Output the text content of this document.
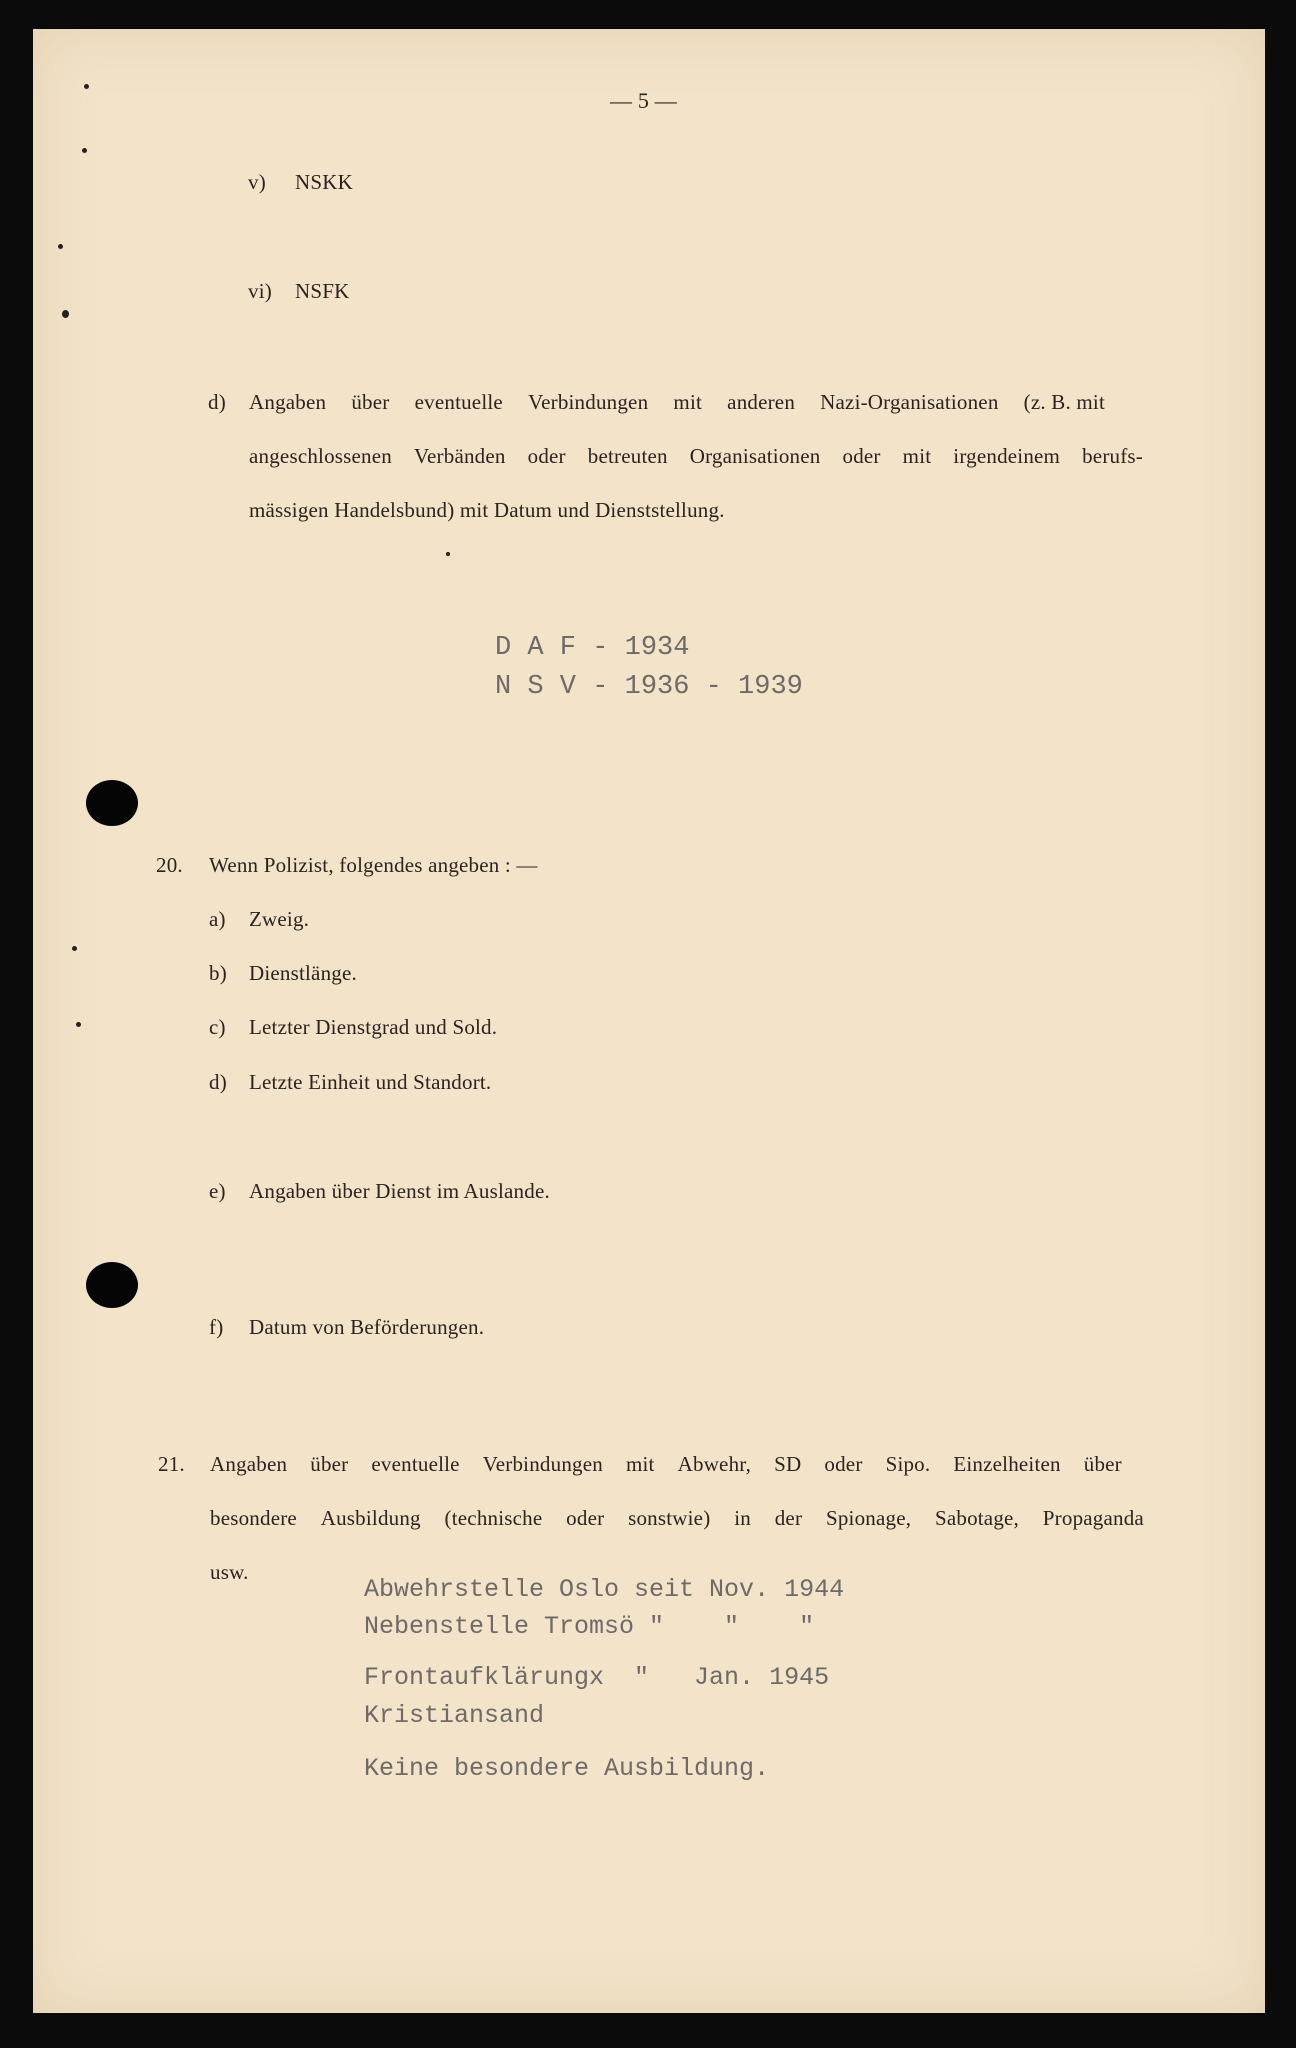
— 5 —
v) NSKK
vi) NSFK
d) Angaben über eventuelle Verbindungen mit anderen Nazi-Organisationen (z. B. mit
angeschlossenen Verbänden oder betreuten Organisationen oder mit irgendeinem berufs-
mässigen Handelsbund) mit Datum und Dienststellung.
D A F - 1934
N S V - 1936 - 1939
20. Wenn Polizist, folgendes angeben : —
a) Zweig.
b) Dienstlänge.
c) Letzter Dienstgrad und Sold.
d) Letzte Einheit und Standort.
e) Angaben über Dienst im Auslande.
f) Datum von Beförderungen.
21. Angaben über eventuelle Verbindungen mit Abwehr, SD oder Sipo. Einzelheiten über
besondere Ausbildung (technische oder sonstwie) in der Spionage, Sabotage, Propaganda
usw.
Abwehrstelle Oslo seit Nov. 1944
Nebenstelle Tromsö "    "    "
Frontaufklärungx  "   Jan. 1945
Kristiansand
Keine besondere Ausbildung.
